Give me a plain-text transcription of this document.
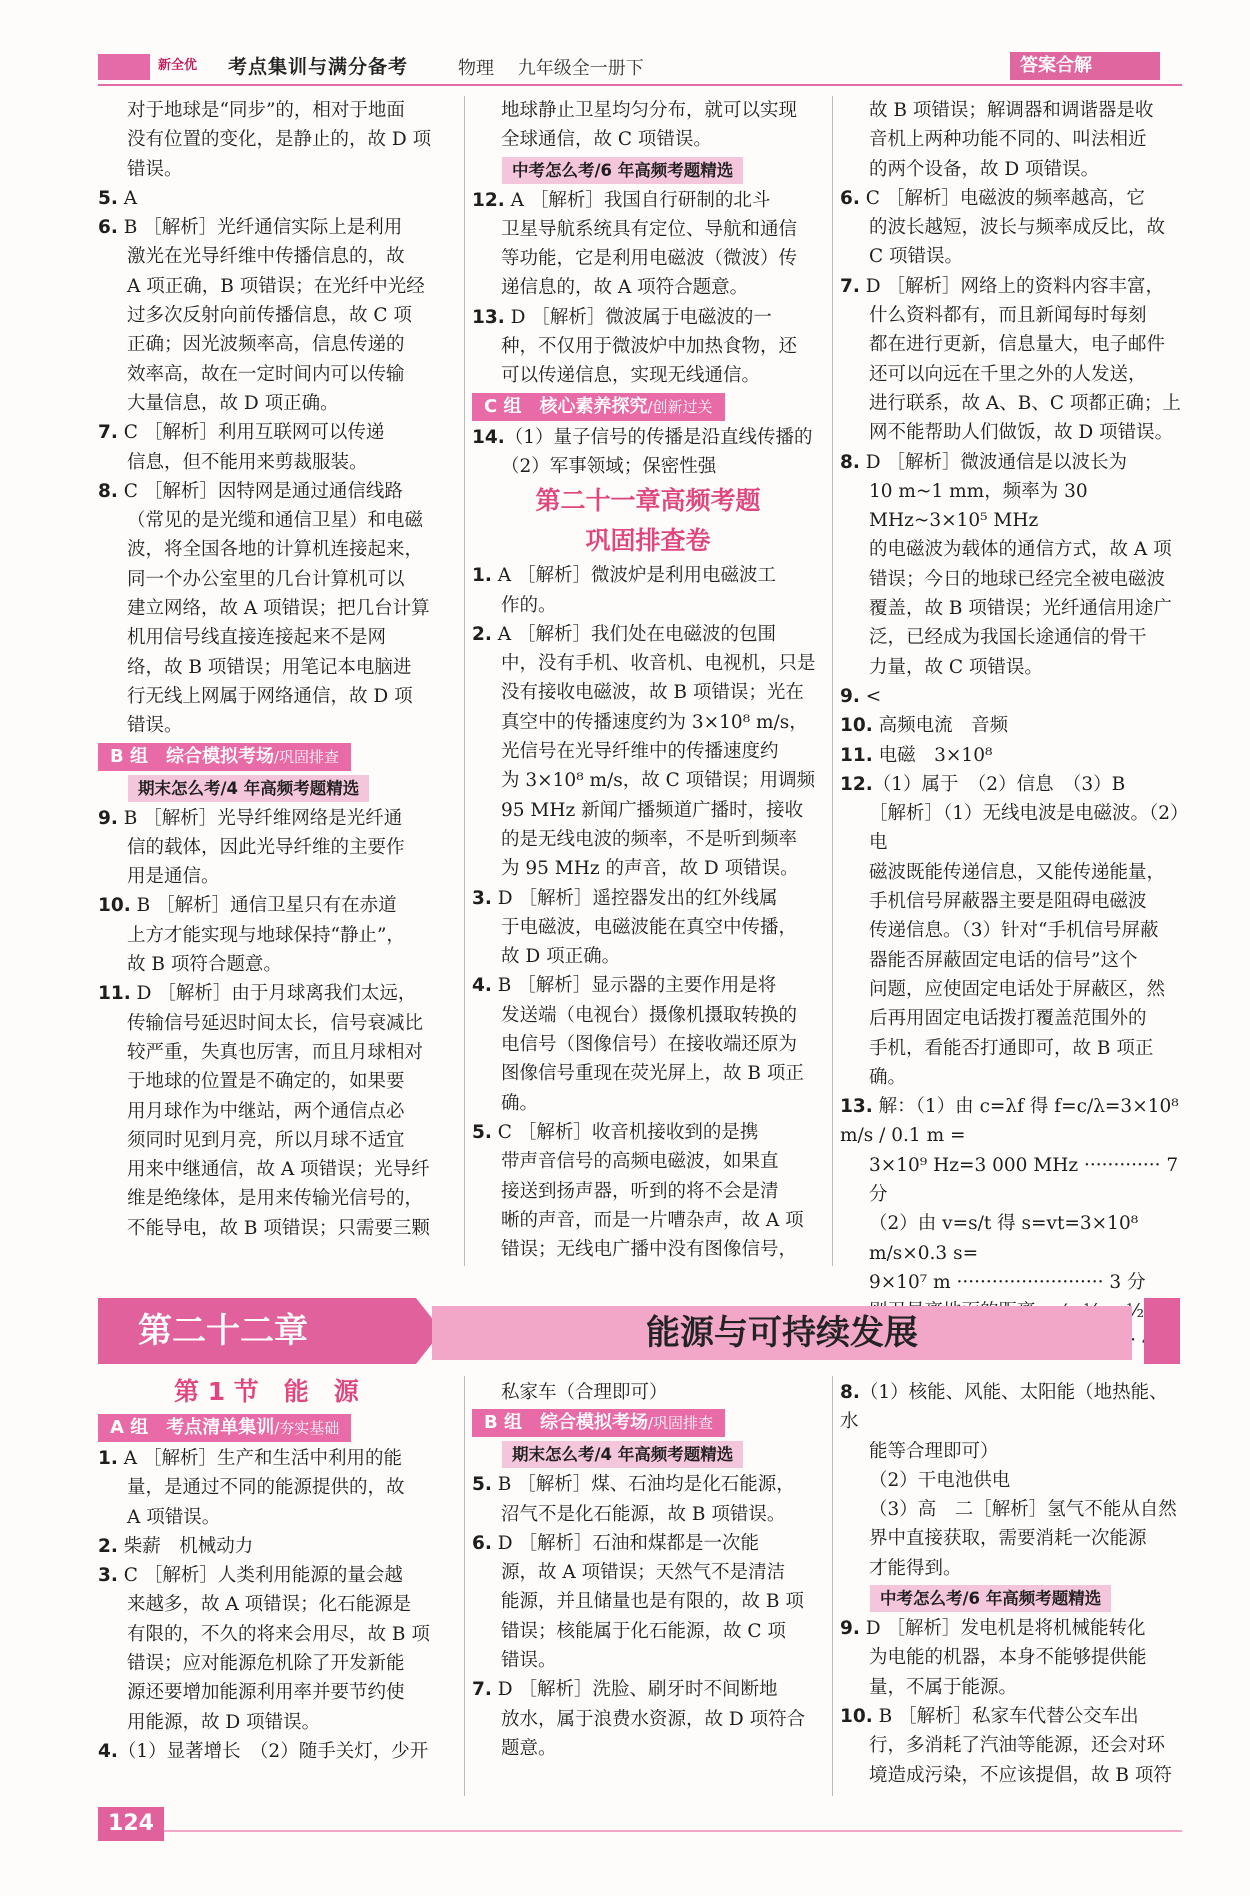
新全优 考点集训与满分备考	物理 九年级全一册下	答案合解

对于地球是“同步”的，相对于地面

没有位置的变化，是静止的，故 D 项

错误。

5. A

6. B ［解析］光纤通信实际上是利用

激光在光导纤维中传播信息的，故

A 项正确，B 项错误；在光纤中光经

过多次反射向前传播信息，故 C 项

正确；因光波频率高，信息传递的

效率高，故在一定时间内可以传输

大量信息，故 D 项正确。

7. C ［解析］利用互联网可以传递

信息，但不能用来剪裁服装。

8. C ［解析］因特网是通过通信线路

（常见的是光缆和通信卫星）和电磁

波，将全国各地的计算机连接起来，

同一个办公室里的几台计算机可以

建立网络，故 A 项错误；把几台计算

机用信号线直接连接起来不是网

络，故 B 项错误；用笔记本电脑进

行无线上网属于网络通信，故 D 项

错误。

B 组　综合模拟考场/巩固排查
期末怎么考/4 年高频考题精选

9. B ［解析］光导纤维网络是光纤通

信的载体，因此光导纤维的主要作

用是通信。

10. B ［解析］通信卫星只有在赤道

上方才能实现与地球保持“静止”，

故 B 项符合题意。

11. D ［解析］由于月球离我们太远，

传输信号延迟时间太长，信号衰减比

较严重，失真也厉害，而且月球相对

于地球的位置是不确定的，如果要

用月球作为中继站，两个通信点必

须同时见到月亮，所以月球不适宜

用来中继通信，故 A 项错误；光导纤

维是绝缘体，是用来传输光信号的，

不能导电，故 B 项错误；只需要三颗

地球静止卫星均匀分布，就可以实现

全球通信，故 C 项错误。

中考怎么考/6 年高频考题精选

12. A ［解析］我国自行研制的北斗

卫星导航系统具有定位、导航和通信

等功能，它是利用电磁波（微波）传

递信息的，故 A 项符合题意。

13. D ［解析］微波属于电磁波的一

种，不仅用于微波炉中加热食物，还

可以传递信息，实现无线通信。

C 组　核心素养探究/创新过关

14.（1）量子信号的传播是沿直线传播的

（2）军事领域；保密性强

第二十一章高频考题

巩固排查卷

1. A ［解析］微波炉是利用电磁波工

作的。

2. A ［解析］我们处在电磁波的包围

中，没有手机、收音机、电视机，只是

没有接收电磁波，故 B 项错误；光在

真空中的传播速度约为 3×10⁸ m/s，

光信号在光导纤维中的传播速度约

为 3×10⁸ m/s，故 C 项错误；用调频

95 MHz 新闻广播频道广播时，接收

的是无线电波的频率，不是听到频率

为 95 MHz 的声音，故 D 项错误。

3. D ［解析］遥控器发出的红外线属

于电磁波，电磁波能在真空中传播，

故 D 项正确。

4. B ［解析］显示器的主要作用是将

发送端（电视台）摄像机摄取转换的

电信号（图像信号）在接收端还原为

图像信号重现在荧光屏上，故 B 项正确。

5. C ［解析］收音机接收到的是携

带声音信号的高频电磁波，如果直

接送到扬声器，听到的将不会是清

晰的声音，而是一片嘈杂声，故 A 项

错误；无线电广播中没有图像信号，

故 B 项错误；解调器和调谐器是收

音机上两种功能不同的、叫法相近

的两个设备，故 D 项错误。

6. C ［解析］电磁波的频率越高，它

的波长越短，波长与频率成反比，故

C 项错误。

7. D ［解析］网络上的资料内容丰富，

什么资料都有，而且新闻每时每刻

都在进行更新，信息量大，电子邮件

还可以向远在千里之外的人发送，

进行联系，故 A、B、C 项都正确；上

网不能帮助人们做饭，故 D 项错误。

8. D ［解析］微波通信是以波长为

10 m~1 mm，频率为 30 MHz~3×10⁵ MHz

的电磁波为载体的通信方式，故 A 项

错误；今日的地球已经完全被电磁波

覆盖，故 B 项错误；光纤通信用途广

泛，已经成为我国长途通信的骨干

力量，故 C 项错误。

9. <

10. 高频电流　音频

11. 电磁　3×10⁸

12.（1）属于　（2）信息　（3）B

［解析］（1）无线电波是电磁波。（2）电

磁波既能传递信息，又能传递能量，

手机信号屏蔽器主要是阻碍电磁波

传递信息。（3）针对“手机信号屏蔽

器能否屏蔽固定电话的信号”这个

问题，应使固定电话处于屏蔽区，然

后再用固定电话拨打覆盖范围外的

手机，看能否打通即可，故 B 项正确。

13. 解：（1）由 c=λf 得 f=c/λ=3×10⁸ m/s / 0.1 m =

3×10⁹ Hz=3 000 MHz ············· 7 分

（2）由 v=s/t 得 s=vt=3×10⁸ m/s×0.3 s=

9×10⁷ m ························· 3 分

第二十二章	能源与可持续发展

第 1 节　能　源

A 组　考点清单集训/夯实基础

1. A ［解析］生产和生活中利用的能

量，是通过不同的能源提供的，故

A 项错误。

2. 柴薪　机械动力

3. C ［解析］人类利用能源的量会越

来越多，故 A 项错误；化石能源是

有限的，不久的将来会用尽，故 B 项

错误；应对能源危机除了开发新能

源还要增加能源利用率并要节约使

用能源，故 D 项错误。

4.（1）显著增长　（2）随手关灯，少开

私家车（合理即可）

B 组　综合模拟考场/巩固排查
期末怎么考/4 年高频考题精选

5. B ［解析］煤、石油均是化石能源，

沼气不是化石能源，故 B 项错误。

6. D ［解析］石油和煤都是一次能

源，故 A 项错误；天然气不是清洁

能源，并且储量也是有限的，故 B 项

错误；核能属于化石能源，故 C 项

错误。

7. D ［解析］洗脸、刷牙时不间断地

放水，属于浪费水资源，故 D 项符合

题意。

8.（1）核能、风能、太阳能（地热能、水

能等合理即可）

（2）干电池供电

（3）高　二［解析］氢气不能从自然

界中直接获取，需要消耗一次能源

才能得到。

中考怎么考/6 年高频考题精选

9. D ［解析］发电机是将机械能转化

为电能的机器，本身不能够提供能

量，不属于能源。

10. B ［解析］私家车代替公交车出

行，多消耗了汽油等能源，还会对环

境造成污染，不应该提倡，故 B 项符

124
